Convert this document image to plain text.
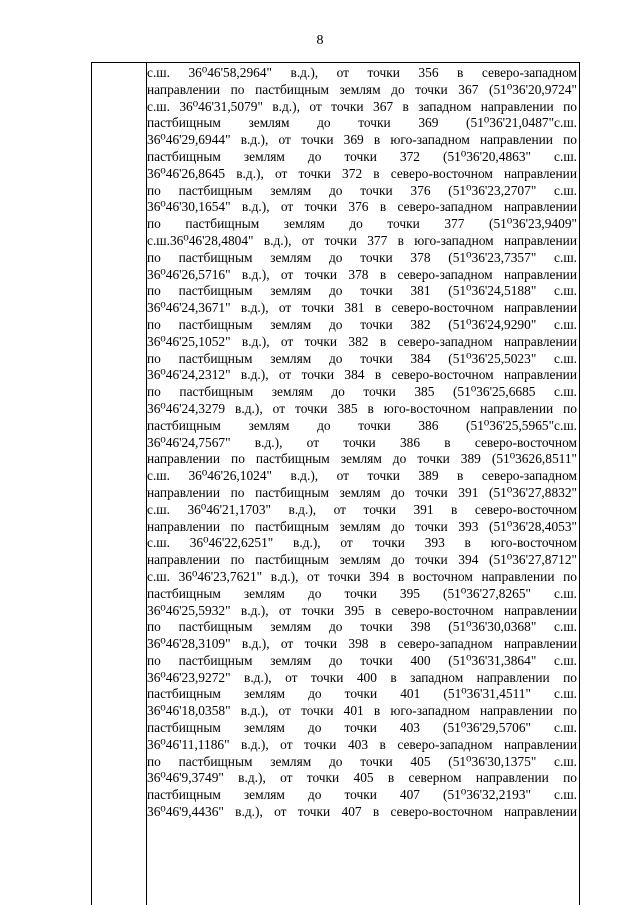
8
с.ш. 36⁰46'58,2964" в.д.), от точки 356 в северо-западном
направлении по пастбищным землям до точки 367 (51⁰36'20,9724"
с.ш. 36⁰46'31,5079" в.д.), от точки 367 в западном направлении по
пастбищным землям до точки 369 (51⁰36'21,0487"с.ш.
36⁰46'29,6944" в.д.), от точки 369 в юго-западном направлении по
пастбищным землям до точки 372 (51⁰36'20,4863" с.ш.
36⁰46'26,8645 в.д.), от точки 372 в северо-восточном направлении
по пастбищным землям до точки 376 (51⁰36'23,2707" с.ш.
36⁰46'30,1654" в.д.), от точки 376 в северо-западном направлении
по пастбищным землям до точки 377 (51⁰36'23,9409"
с.ш.36⁰46'28,4804" в.д.), от точки 377 в юго-западном направлении
по пастбищным землям до точки 378 (51⁰36'23,7357" с.ш.
36⁰46'26,5716" в.д.), от точки 378 в северо-западном направлении
по пастбищным землям до точки 381 (51⁰36'24,5188" с.ш.
36⁰46'24,3671" в.д.), от точки 381 в северо-восточном направлении
по пастбищным землям до точки 382 (51⁰36'24,9290" с.ш.
36⁰46'25,1052" в.д.), от точки 382 в северо-западном направлении
по пастбищным землям до точки 384 (51⁰36'25,5023" с.ш.
36⁰46'24,2312" в.д.), от точки 384 в северо-восточном направлении
по пастбищным землям до точки 385 (51⁰36'25,6685 с.ш.
36⁰46'24,3279 в.д.), от точки 385 в юго-восточном направлении по
пастбищным землям до точки 386 (51⁰36'25,5965"с.ш.
36⁰46'24,7567" в.д.), от точки 386 в северо-восточном
направлении по пастбищным землям до точки 389 (51⁰3626,8511"
с.ш. 36⁰46'26,1024" в.д.), от точки 389 в северо-западном
направлении по пастбищным землям до точки 391 (51⁰36'27,8832"
с.ш. 36⁰46'21,1703" в.д.), от точки 391 в северо-восточном
направлении по пастбищным землям до точки 393 (51⁰36'28,4053"
с.ш. 36⁰46'22,6251" в.д.), от точки 393 в юго-восточном
направлении по пастбищным землям до точки 394 (51⁰36'27,8712"
с.ш. 36⁰46'23,7621" в.д.), от точки 394 в восточном направлении по
пастбищным землям до точки 395 (51⁰36'27,8265" с.ш.
36⁰46'25,5932" в.д.), от точки 395 в северо-восточном направлении
по пастбищным землям до точки 398 (51⁰36'30,0368" с.ш.
36⁰46'28,3109" в.д.), от точки 398 в северо-западном направлении
по пастбищным землям до точки 400 (51⁰36'31,3864" с.ш.
36⁰46'23,9272" в.д.), от точки 400 в западном направлении по
пастбищным землям до точки 401 (51⁰36'31,4511" с.ш.
36⁰46'18,0358" в.д.), от точки 401 в юго-западном направлении по
пастбищным землям до точки 403 (51⁰36'29,5706" с.ш.
36⁰46'11,1186" в.д.), от точки 403 в северо-западном направлении
по пастбищным землям до точки 405 (51⁰36'30,1375" с.ш.
36⁰46'9,3749" в.д.), от точки 405 в северном направлении по
пастбищным землям до точки 407 (51⁰36'32,2193" с.ш.
36⁰46'9,4436" в.д.), от точки 407 в северо-восточном направлении
